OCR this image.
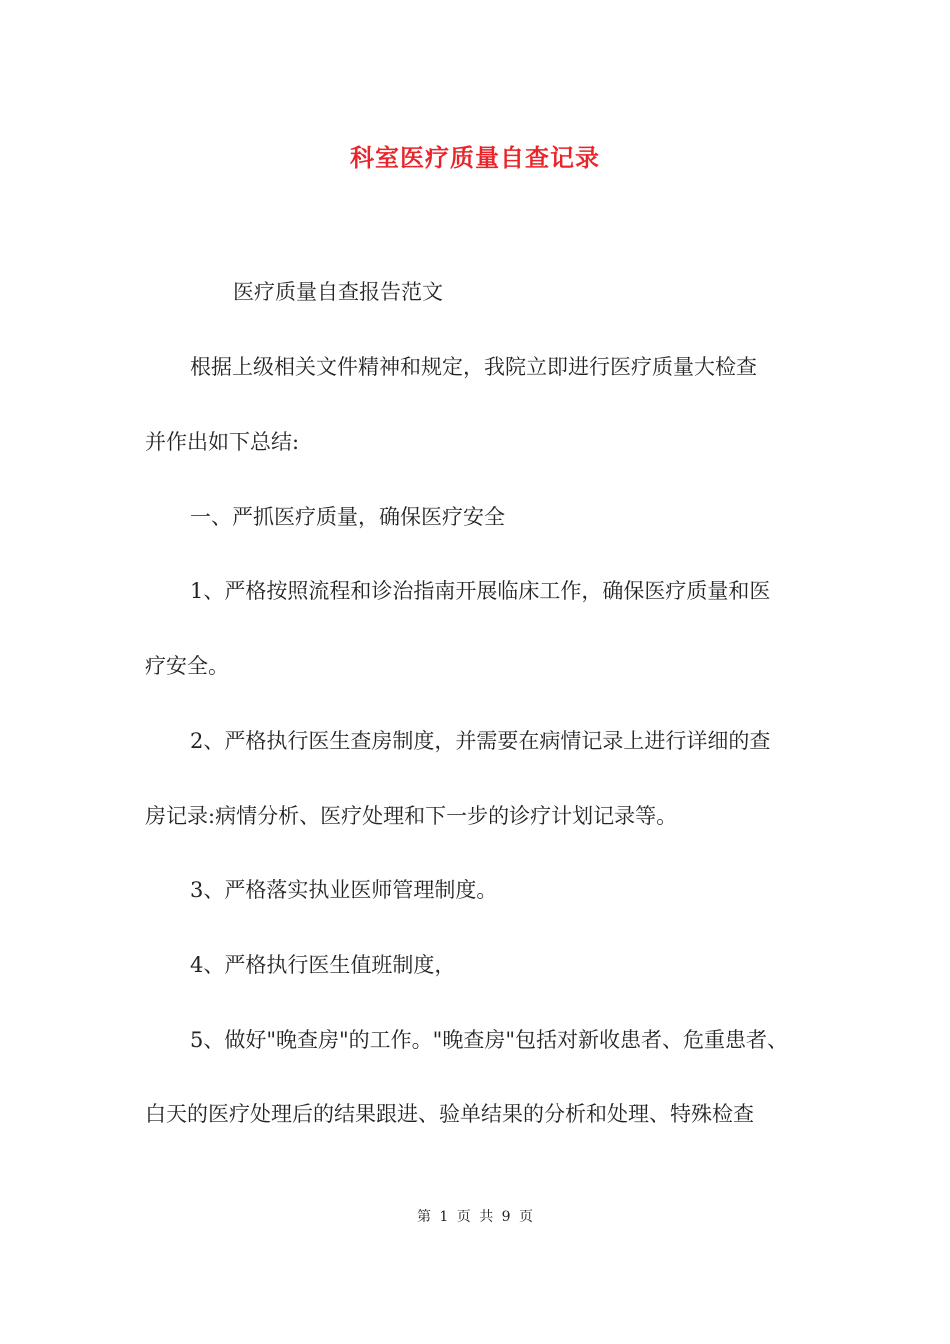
科室医疗质量自查记录
医疗质量自查报告范文
根据上级相关文件精神和规定，我院立即进行医疗质量大检查
并作出如下总结:
一、严抓医疗质量，确保医疗安全
1、严格按照流程和诊治指南开展临床工作，确保医疗质量和医
疗安全。
2、严格执行医生查房制度，并需要在病情记录上进行详细的查
房记录:病情分析、医疗处理和下一步的诊疗计划记录等。
3、严格落实执业医师管理制度。
4、严格执行医生值班制度，
5、做好"晚查房"的工作。"晚查房"包括对新收患者、危重患者、
白天的医疗处理后的结果跟进、验单结果的分析和处理、特殊检查
第 1 页 共 9 页
